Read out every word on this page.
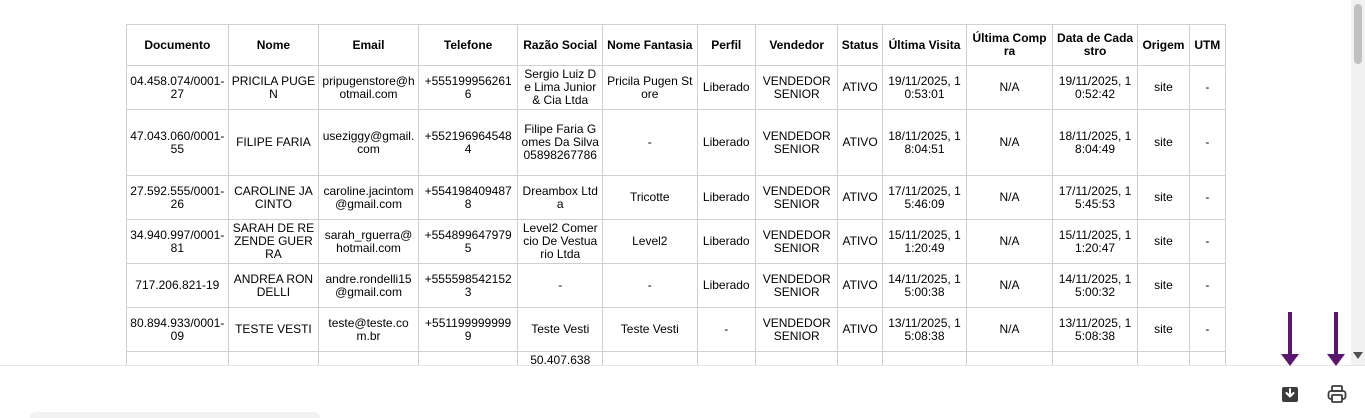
Documento	Nome	Email	Telefone	Razão Social	Nome Fantasia	Perfil	Vendedor	Status	Última Visita	Última Compra	Data de Cadastro	Origem	UTM
04.458.074/0001-27	PRICILA PUGEN	pripugenstore@hotmail.com	+5551999562616	Sergio Luiz De Lima Junior & Cia Ltda	Pricila Pugen Store	Liberado	VENDEDOR SENIOR	ATIVO	19/11/2025, 10:53:01	N/A	19/11/2025, 10:52:42	site	-
47.043.060/0001-55	FILIPE FARIA	useziggy@gmail.com	+5521969645484	Filipe Faria Gomes Da Silva 05898267786	-	Liberado	VENDEDOR SENIOR	ATIVO	18/11/2025, 18:04:51	N/A	18/11/2025, 18:04:49	site	-
27.592.555/0001-26	CAROLINE JACINTO	caroline.jacintom@gmail.com	+5541984094878	Dreambox Ltda	Tricotte	Liberado	VENDEDOR SENIOR	ATIVO	17/11/2025, 15:46:09	N/A	17/11/2025, 15:45:53	site	-
34.940.997/0001-81	SARAH DE REZENDE GUERRA	sarah_rguerra@hotmail.com	+5548996479795	Level2 Comercio De Vestuario Ltda	Level2	Liberado	VENDEDOR SENIOR	ATIVO	15/11/2025, 11:20:49	N/A	15/11/2025, 11:20:47	site	-
717.206.821-19	ANDREA RONDELLI	andre.rondelli15@gmail.com	+5555985421523	-	-	Liberado	VENDEDOR SENIOR	ATIVO	14/11/2025, 15:00:38	N/A	14/11/2025, 15:00:32	site	-
80.894.933/0001-09	TESTE VESTI	teste@teste.com.br	+5511999999999	Teste Vesti	Teste Vesti	-	VENDEDOR SENIOR	ATIVO	13/11/2025, 15:08:38	N/A	13/11/2025, 15:08:38	site	-
				50.407.638									
